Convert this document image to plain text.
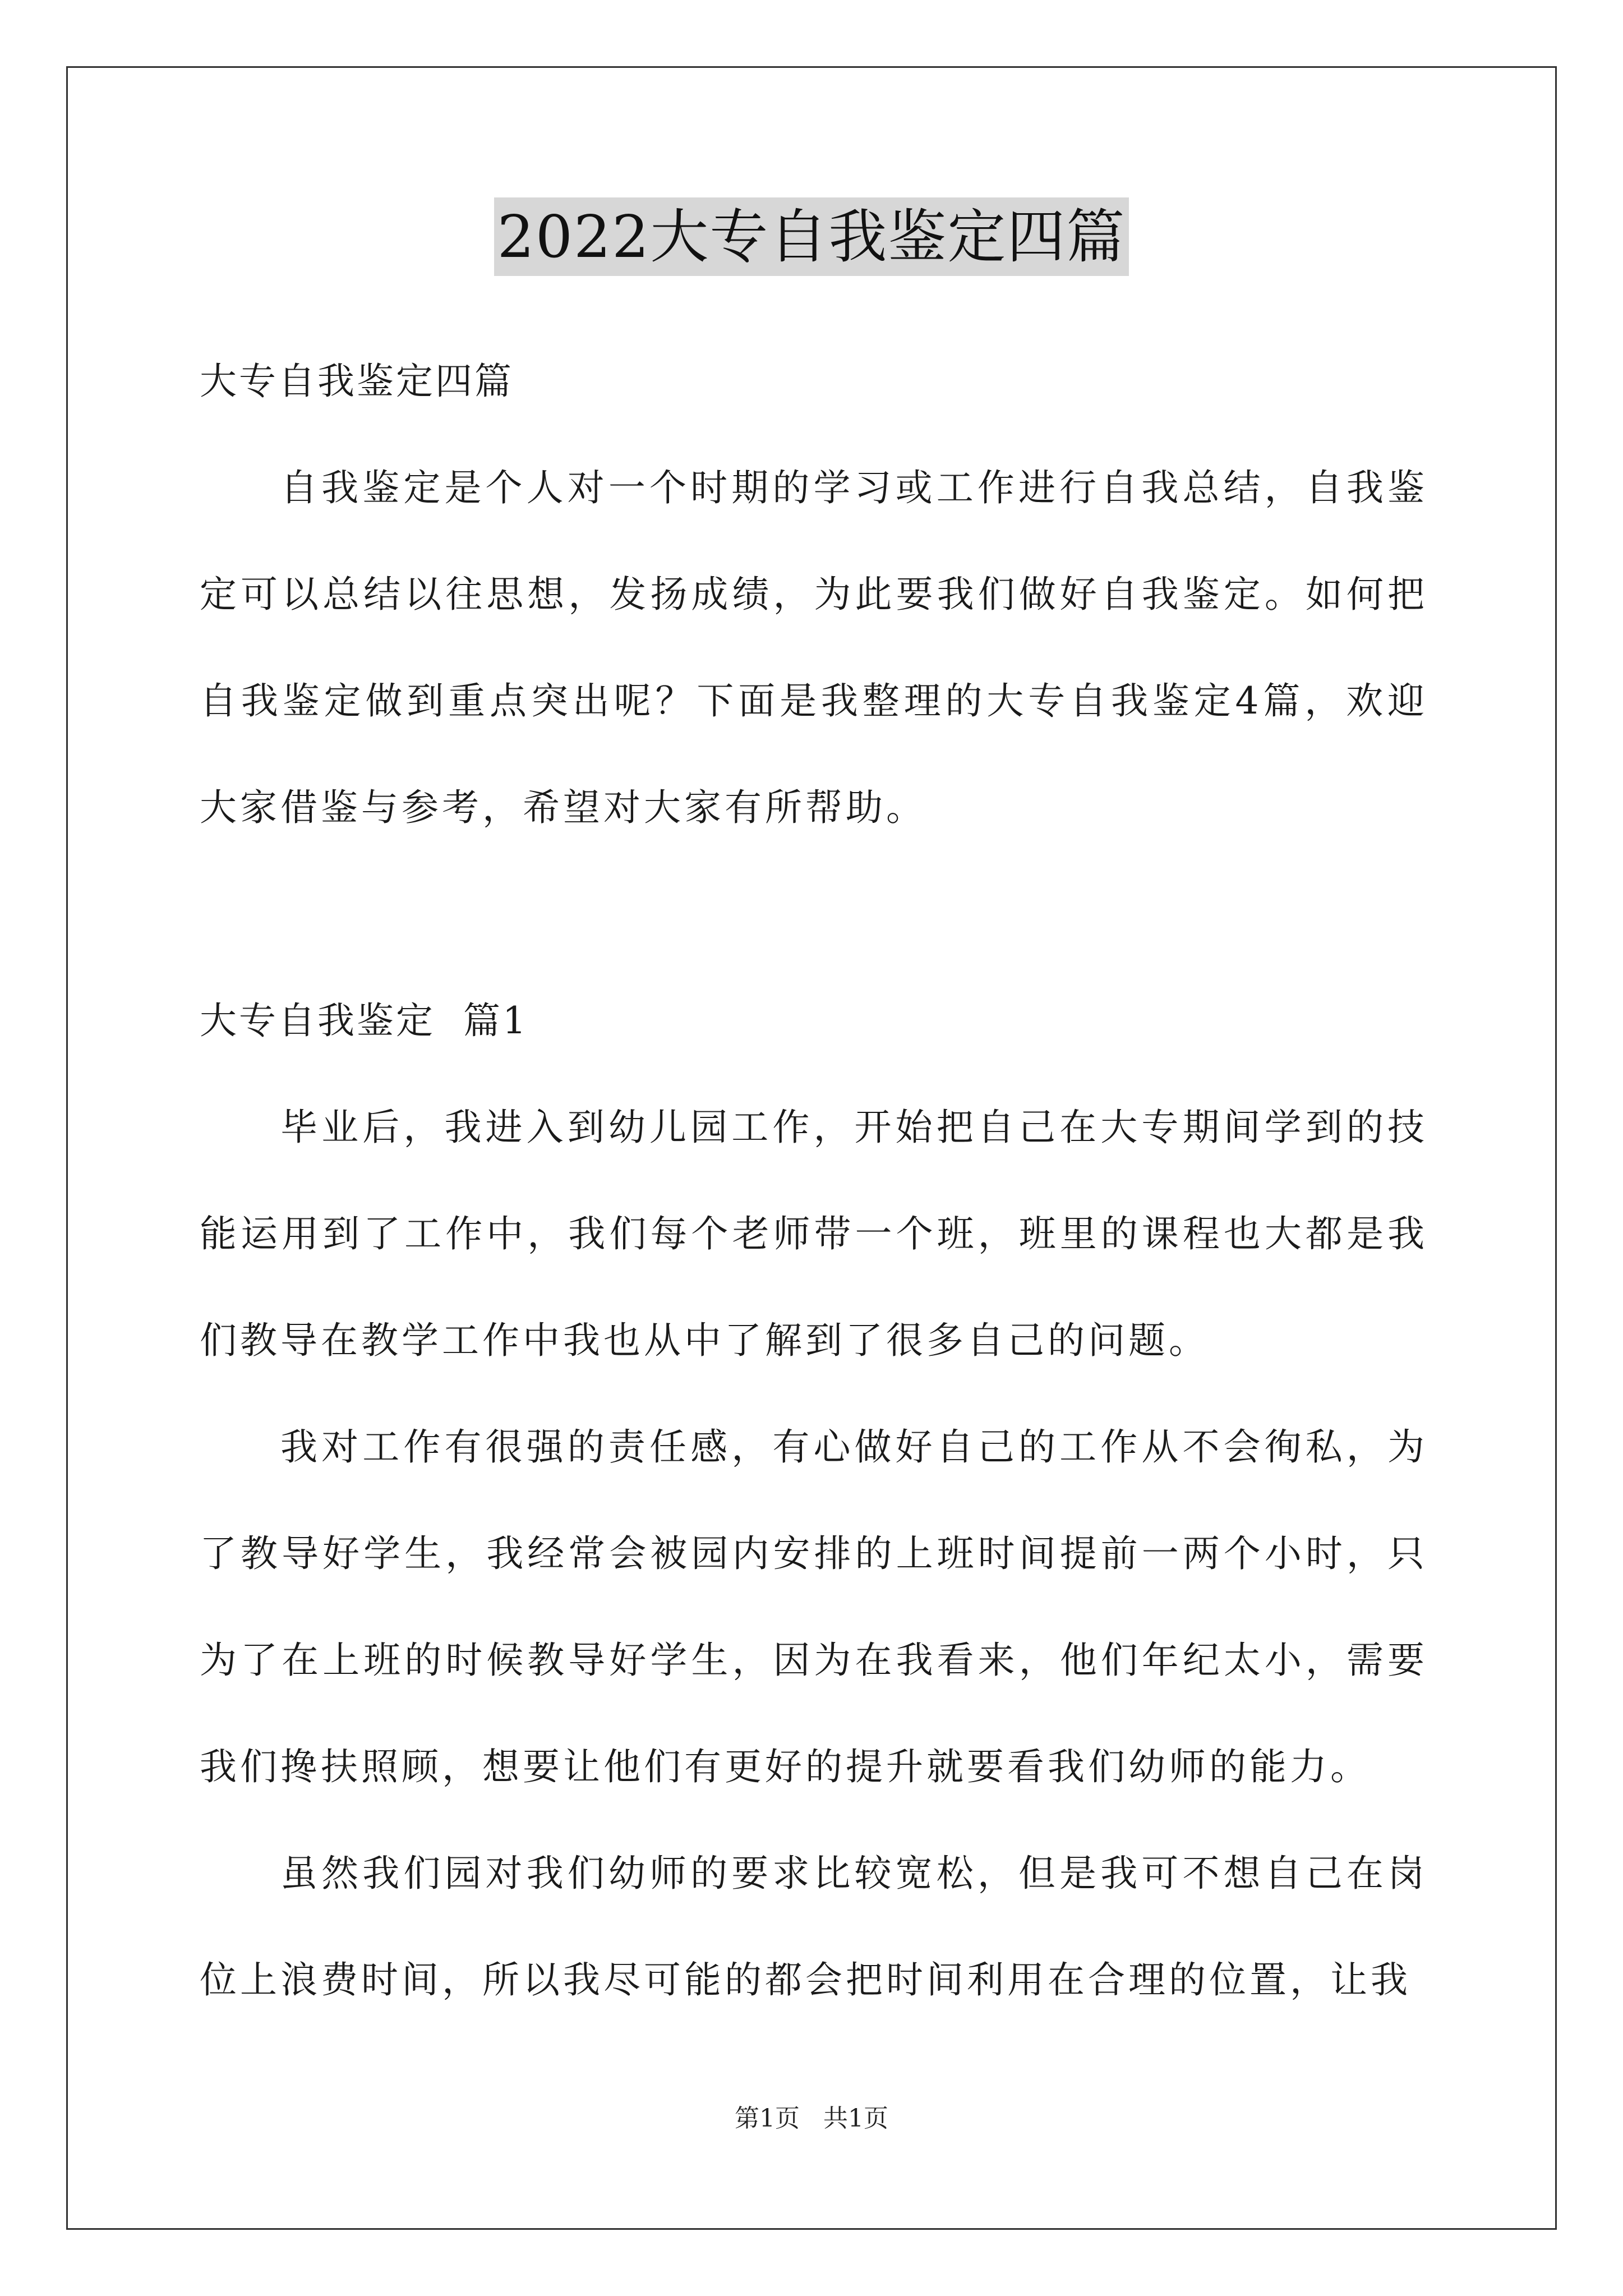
2022大专自我鉴定四篇

大专自我鉴定四篇

自我鉴定是个人对一个时期的学习或工作进行自我总结，自我鉴定可以总结以往思想，发扬成绩，为此要我们做好自我鉴定。如何把自我鉴定做到重点突出呢？下面是我整理的大专自我鉴定4篇，欢迎大家借鉴与参考，希望对大家有所帮助。

大专自我鉴定  篇1

毕业后，我进入到幼儿园工作，开始把自己在大专期间学到的技能运用到了工作中，我们每个老师带一个班，班里的课程也大都是我们教导在教学工作中我也从中了解到了很多自己的问题。

我对工作有很强的责任感，有心做好自己的工作从不会徇私，为了教导好学生，我经常会被园内安排的上班时间提前一两个小时，只为了在上班的时候教导好学生，因为在我看来，他们年纪太小，需要我们搀扶照顾，想要让他们有更好的提升就要看我们幼师的能力。

虽然我们园对我们幼师的要求比较宽松，但是我可不想自己在岗位上浪费时间，所以我尽可能的都会把时间利用在合理的位置，让我

第1页   共1页
